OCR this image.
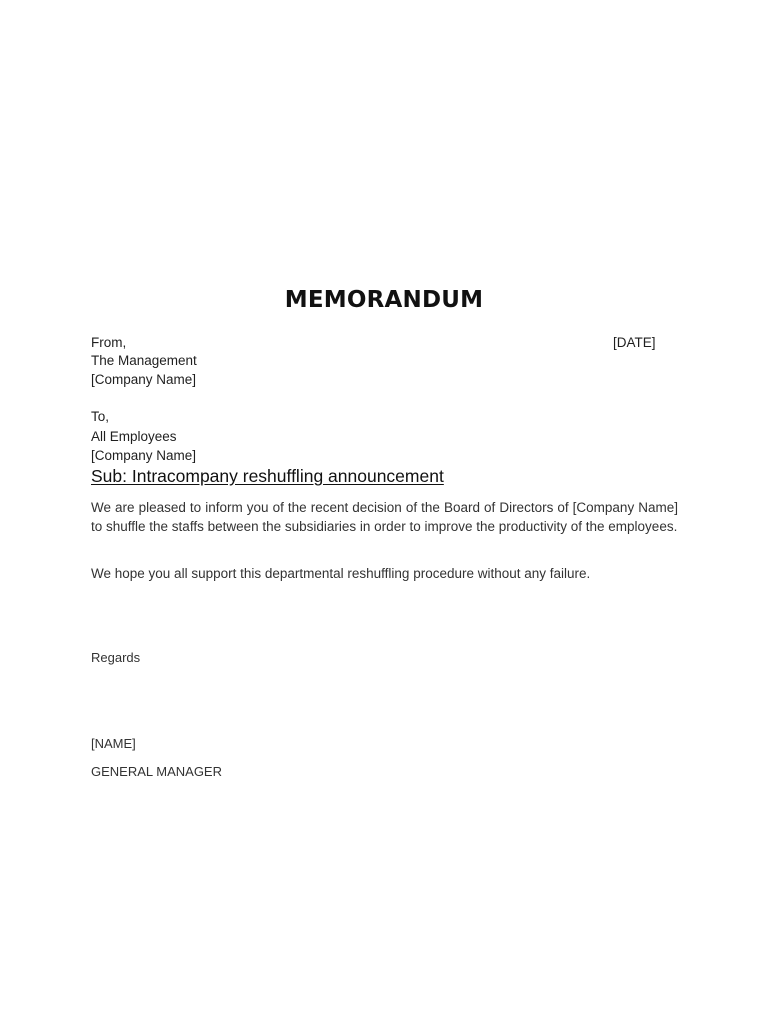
MEMORANDUM
From,	[DATE]
The Management
[Company Name]
To,
All Employees
[Company Name]
Sub: Intracompany reshuffling announcement
We are pleased to inform you of the recent decision of the Board of Directors of [Company Name] to shuffle the staffs between the subsidiaries in order to improve the productivity of the employees.
We hope you all support this departmental reshuffling procedure without any failure.
Regards
[NAME]
GENERAL MANAGER
